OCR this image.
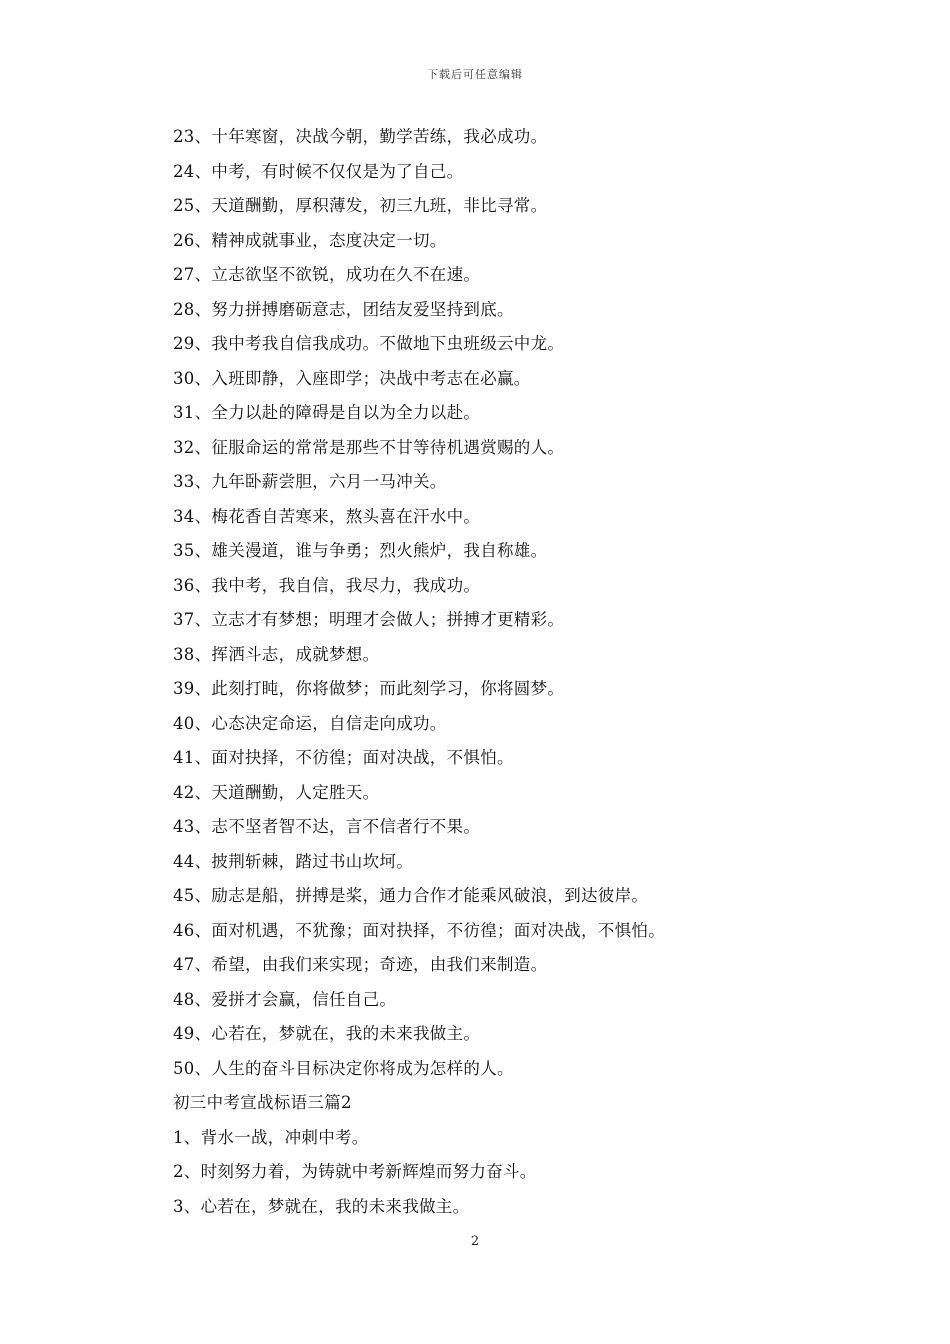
下载后可任意编辑
23、十年寒窗，决战今朝，勤学苦练，我必成功。
24、中考，有时候不仅仅是为了自己。
25、天道酬勤，厚积薄发，初三九班，非比寻常。
26、精神成就事业，态度决定一切。
27、立志欲坚不欲锐，成功在久不在速。
28、努力拼搏磨砺意志，团结友爱坚持到底。
29、我中考我自信我成功。不做地下虫班级云中龙。
30、入班即静，入座即学；决战中考志在必赢。
31、全力以赴的障碍是自以为全力以赴。
32、征服命运的常常是那些不甘等待机遇赏赐的人。
33、九年卧薪尝胆，六月一马冲关。
34、梅花香自苦寒来，熬头喜在汗水中。
35、雄关漫道，谁与争勇；烈火熊炉，我自称雄。
36、我中考，我自信，我尽力，我成功。
37、立志才有梦想；明理才会做人；拼搏才更精彩。
38、挥洒斗志，成就梦想。
39、此刻打盹，你将做梦；而此刻学习，你将圆梦。
40、心态决定命运，自信走向成功。
41、面对抉择，不彷徨；面对决战，不惧怕。
42、天道酬勤，人定胜天。
43、志不坚者智不达，言不信者行不果。
44、披荆斩棘，踏过书山坎坷。
45、励志是船，拼搏是桨，通力合作才能乘风破浪，到达彼岸。
46、面对机遇，不犹豫；面对抉择，不彷徨；面对决战，不惧怕。
47、希望，由我们来实现；奇迹，由我们来制造。
48、爱拼才会赢，信任自己。
49、心若在，梦就在，我的未来我做主。
50、人生的奋斗目标决定你将成为怎样的人。
初三中考宣战标语三篇2
1、背水一战，冲刺中考。
2、时刻努力着，为铸就中考新辉煌而努力奋斗。
3、心若在，梦就在，我的未来我做主。
2
